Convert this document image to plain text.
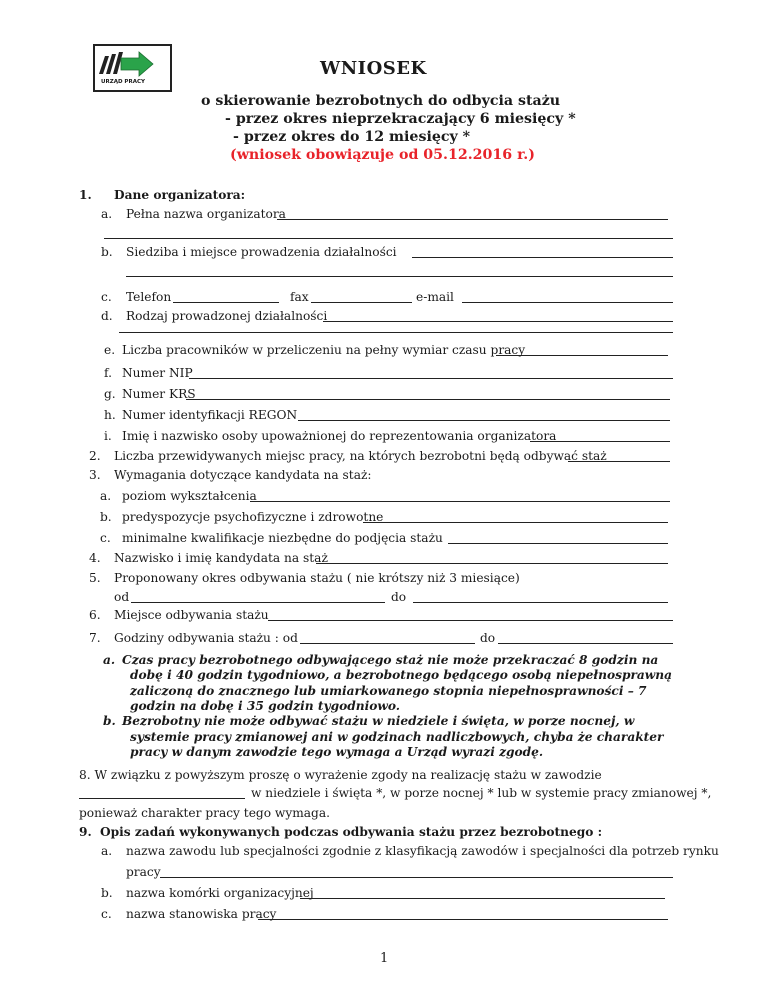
URZĄD PRACY
WNIOSEK
o skierowanie bezrobotnych do odbycia stażu
- przez okres nieprzekraczający 6 miesięcy *
- przez okres do 12 miesięcy *
(wniosek obowiązuje od 05.12.2016 r.)
1. Dane organizatora:
a. Pełna nazwa organizatora
b. Siedziba i miejsce prowadzenia działalności
c. Telefon	fax	e-mail
d. Rodzaj prowadzonej działalności
e. Liczba pracowników w przeliczeniu na pełny wymiar czasu pracy
f. Numer NIP
g. Numer KRS
h. Numer identyfikacji REGON
i. Imię i nazwisko osoby upoważnionej do reprezentowania organizatora
2. Liczba przewidywanych miejsc pracy, na których bezrobotni będą odbywać staż
3. Wymagania dotyczące kandydata na staż:
a. poziom wykształcenia
b. predyspozycje psychofizyczne i zdrowotne
c. minimalne kwalifikacje niezbędne do podjęcia stażu
4. Nazwisko i imię kandydata na staż
5. Proponowany okres odbywania stażu ( nie krótszy niż 3 miesiące)
od	do
6. Miejsce odbywania stażu
7. Godziny odbywania stażu : od	do
a. Czas pracy bezrobotnego odbywającego staż nie może przekraczać 8 godzin na
dobę i 40 godzin tygodniowo, a bezrobotnego będącego osobą niepełnosprawną
zaliczoną do znacznego lub umiarkowanego stopnia niepełnosprawności – 7
godzin na dobę i 35 godzin tygodniowo.
b. Bezrobotny nie może odbywać stażu w niedziele i święta, w porze nocnej, w
systemie pracy zmianowej ani w godzinach nadliczbowych, chyba że charakter
pracy w danym zawodzie tego wymaga a Urząd wyrazi zgodę.
8. W związku z powyższym proszę o wyrażenie zgody na realizację stażu w zawodzie
w niedziele i święta *, w porze nocnej * lub w systemie pracy zmianowej *,
ponieważ charakter pracy tego wymaga.
9. Opis zadań wykonywanych podczas odbywania stażu przez bezrobotnego :
a. nazwa zawodu lub specjalności zgodnie z klasyfikacją zawodów i specjalności dla potrzeb rynku
pracy
b. nazwa komórki organizacyjnej
c. nazwa stanowiska pracy
1
